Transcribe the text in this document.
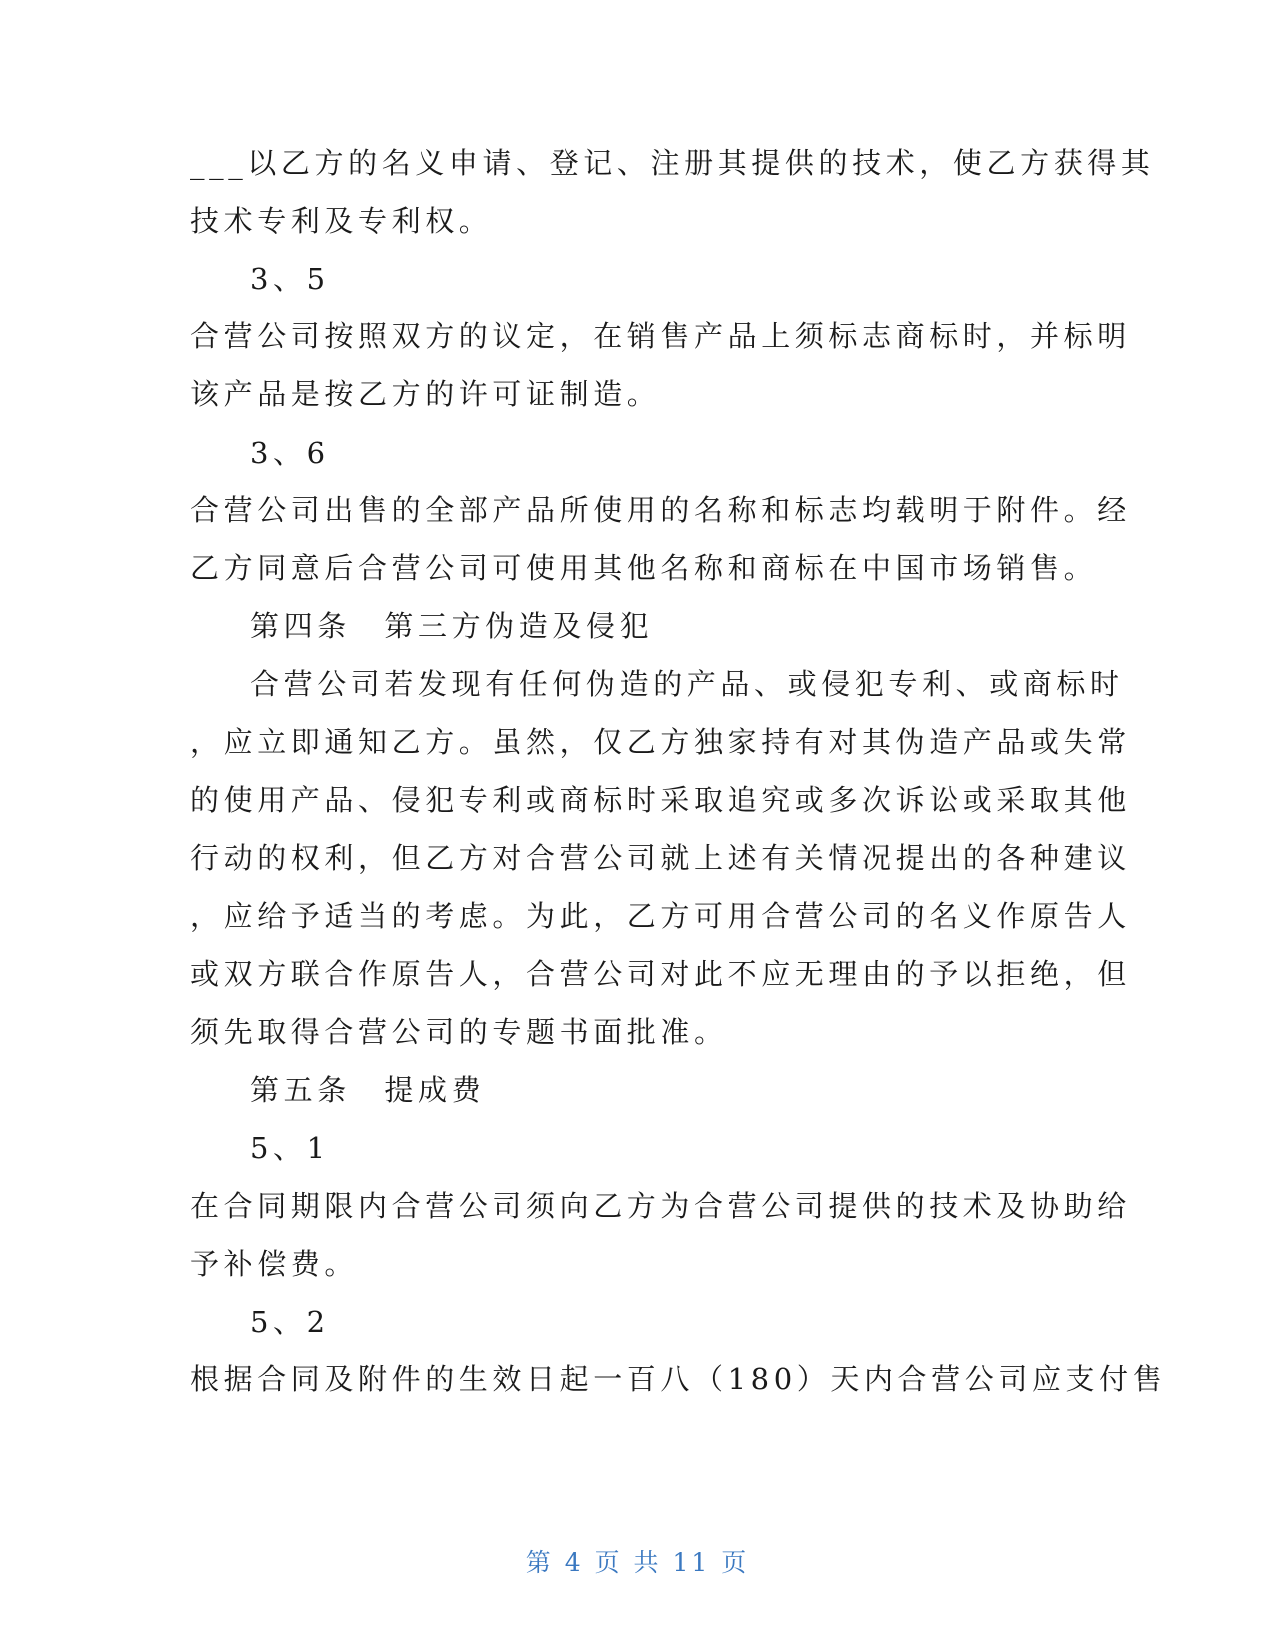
___以乙方的名义申请、登记、注册其提供的技术，使乙方获得其
技术专利及专利权。
3、5
合营公司按照双方的议定，在销售产品上须标志商标时，并标明
该产品是按乙方的许可证制造。
3、6
合营公司出售的全部产品所使用的名称和标志均载明于附件。经
乙方同意后合营公司可使用其他名称和商标在中国市场销售。
第四条　第三方伪造及侵犯
合营公司若发现有任何伪造的产品、或侵犯专利、或商标时
，应立即通知乙方。虽然，仅乙方独家持有对其伪造产品或失常
的使用产品、侵犯专利或商标时采取追究或多次诉讼或采取其他
行动的权利，但乙方对合营公司就上述有关情况提出的各种建议
，应给予适当的考虑。为此，乙方可用合营公司的名义作原告人
或双方联合作原告人，合营公司对此不应无理由的予以拒绝，但
须先取得合营公司的专题书面批准。
第五条　提成费
5、1
在合同期限内合营公司须向乙方为合营公司提供的技术及协助给
予补偿费。
5、2
根据合同及附件的生效日起一百八（180）天内合营公司应支付售
第 4 页 共 11 页
